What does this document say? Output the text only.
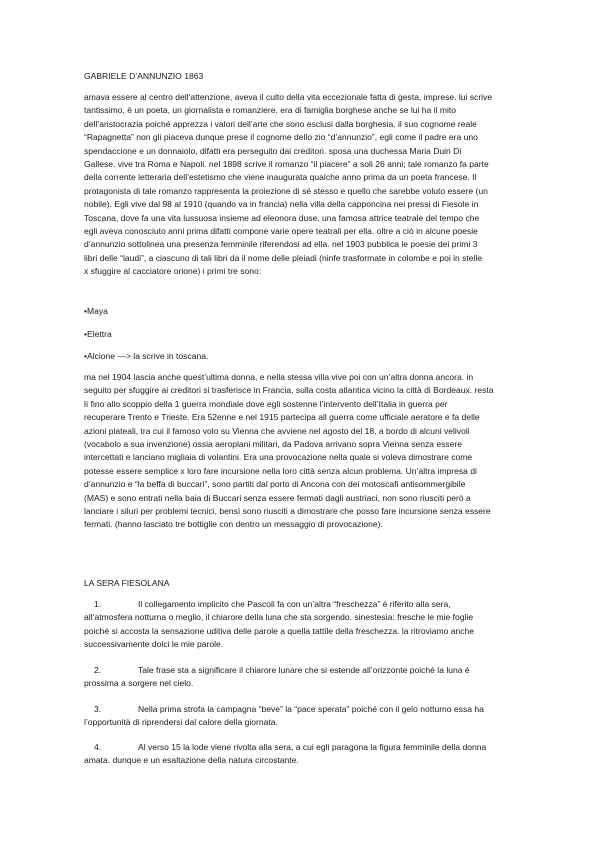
GABRIELE D’ANNUNZIO 1863

amava essere al centro dell’attenzione, aveva il culto della vita eccezionale fatta di gesta, imprese. lui scrive
tantissimo, è un poeta, un giornalista e romanziere. era di famiglia borghese anche se lui ha il mito
dell’aristocrazia poiché apprezza i valori dell’arte che sono esclusi dalla borghesia. il suo cognome reale
“Rapagnetta” non gli piaceva dunque prese il cognome dello zio “d’annunzio”, egli come il padre era uno
spendaccione e un donnaiolo, difatti era perseguito dai creditori. sposa una duchessa Maria Duin Di
Gallese. vive tra Roma e Napoli. nel 1898 scrive il romanzo “il piacere” a soli 26 anni; tale romanzo fa parte
della corrente letteraria dell’estetismo che viene inaugurata qualche anno prima da un poeta francese. Il
protagonista di tale romanzo rappresenta la proiezione di sé stesso e quello che sarebbe voluto essere (un
nobile). Egli vive dal 98 al 1910 (quando va in francia) nella villa della capponcina nei pressi di Fiesole in
Toscana, dove fa una vita lussuosa insieme ad eleonora duse, una famosa attrice teatrale del tempo che
egli aveva conosciuto anni prima difatti compone varie opere teatrali per ella. oltre a ciò in alcune poesie
d’annunzio sottolinea una presenza femminile riferendosi ad ella. nel 1903 pubblica le poesie dei primi 3
libri delle “laudi”, a ciascuno di tali libri da il nome delle pleiadi (ninfe trasformate in colombe e poi in stelle
x sfuggire al cacciatore orione) i primi tre sono:

•Maya

•Elettra

•Alcione —> la scrive in toscana.

ma nel 1904 lascia anche quest’ultima donna, e nella stessa villa vive poi con un’altra donna ancora. in
seguito per sfuggire ai creditori si trasferisce in Francia, sulla costa atlantica vicino la città di Bordeaux. resta
lì fino allo scoppio della 1 guerra mondiale dove egli sostenne l’intervento dell’Italia in guerra per
recuperare Trento e Trieste. Era 52enne e nel 1915 partecipa all guerra come ufficiale aeratore e fa delle
azioni plateali, tra cui il famoso volo su Vienna che avviene nel agosto del 18, a bordo di alcuni velivoli
(vocabolo a sua invenzione) ossia aeroplani militari, da Padova arrivano sopra Vienna senza essere
intercettati e lanciano migliaia di volantini. Era una provocazione nella quale si voleva dimostrare come
potesse essere semplice x loro fare incursione nella loro città senza alcun problema. Un’altra impresa di
d’annunzio e “la beffa di buccari”, sono partiti dal porto di Ancona con dei motoscafi antisommergibile
(MAS) e sono entrati nella baia di Buccari senza essere fermati dagli austriaci, non sono riusciti però a
lanciare i siluri per problemi tecnici, bensì sono riusciti a dimostrare che posso fare incursione senza essere
fermati. (hanno lasciato tre bottiglie con dentro un messaggio di provocazione).

LA SERA FIESOLANA

1.	Il collegamento implicito che Pascoli fa con un’altra “freschezza” è riferito alla sera,
all’atmosfera notturna o meglio, il chiarore della luna che sta sorgendo. sinestesia: fresche le mie foglie
poiché si accosta la sensazione uditiva delle parole a quella tattile della freschezza. la ritroviamo anche
successivamente dolci le mie parole.
2.	Tale frase sta a significare il chiarore lunare che si estende all’orizzonte poiché la luna è
prossima a sorgere nel cielo.
3.	Nella prima strofa la campagna “beve” la “pace sperata” poiché con il gelo notturno essa ha
l’opportunità di riprendersi dal calore della giornata.
4.	Al verso 15 la lode viene rivolta alla sera, a cui egli paragona la figura femminile della donna
amata. dunque e un esaltazione della natura circostante.
